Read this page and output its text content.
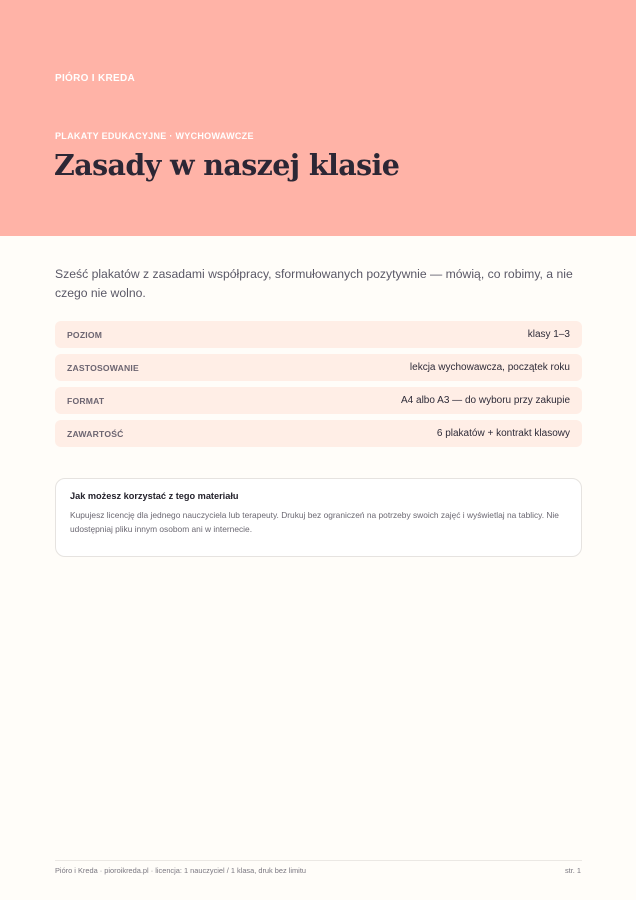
PIÓRO I KREDA
PLAKATY EDUKACYJNE · WYCHOWAWCZE
Zasady w naszej klasie

Sześć plakatów z zasadami współpracy, sformułowanych pozytywnie — mówią, co robimy, a nie czego nie wolno.

POZIOM	klasy 1–3
ZASTOSOWANIE	lekcja wychowawcza, początek roku
FORMAT	A4 albo A3 — do wyboru przy zakupie
ZAWARTOŚĆ	6 plakatów + kontrakt klasowy
Jak możesz korzystać z tego materiału

Kupujesz licencję dla jednego nauczyciela lub terapeuty. Drukuj bez ograniczeń na potrzeby swoich zajęć i wyświetlaj na tablicy. Nie udostępniaj pliku innym osobom ani w internecie.

Pióro i Kreda · pioroikreda.pl · licencja: 1 nauczyciel / 1 klasa, druk bez limitu	str. 1
